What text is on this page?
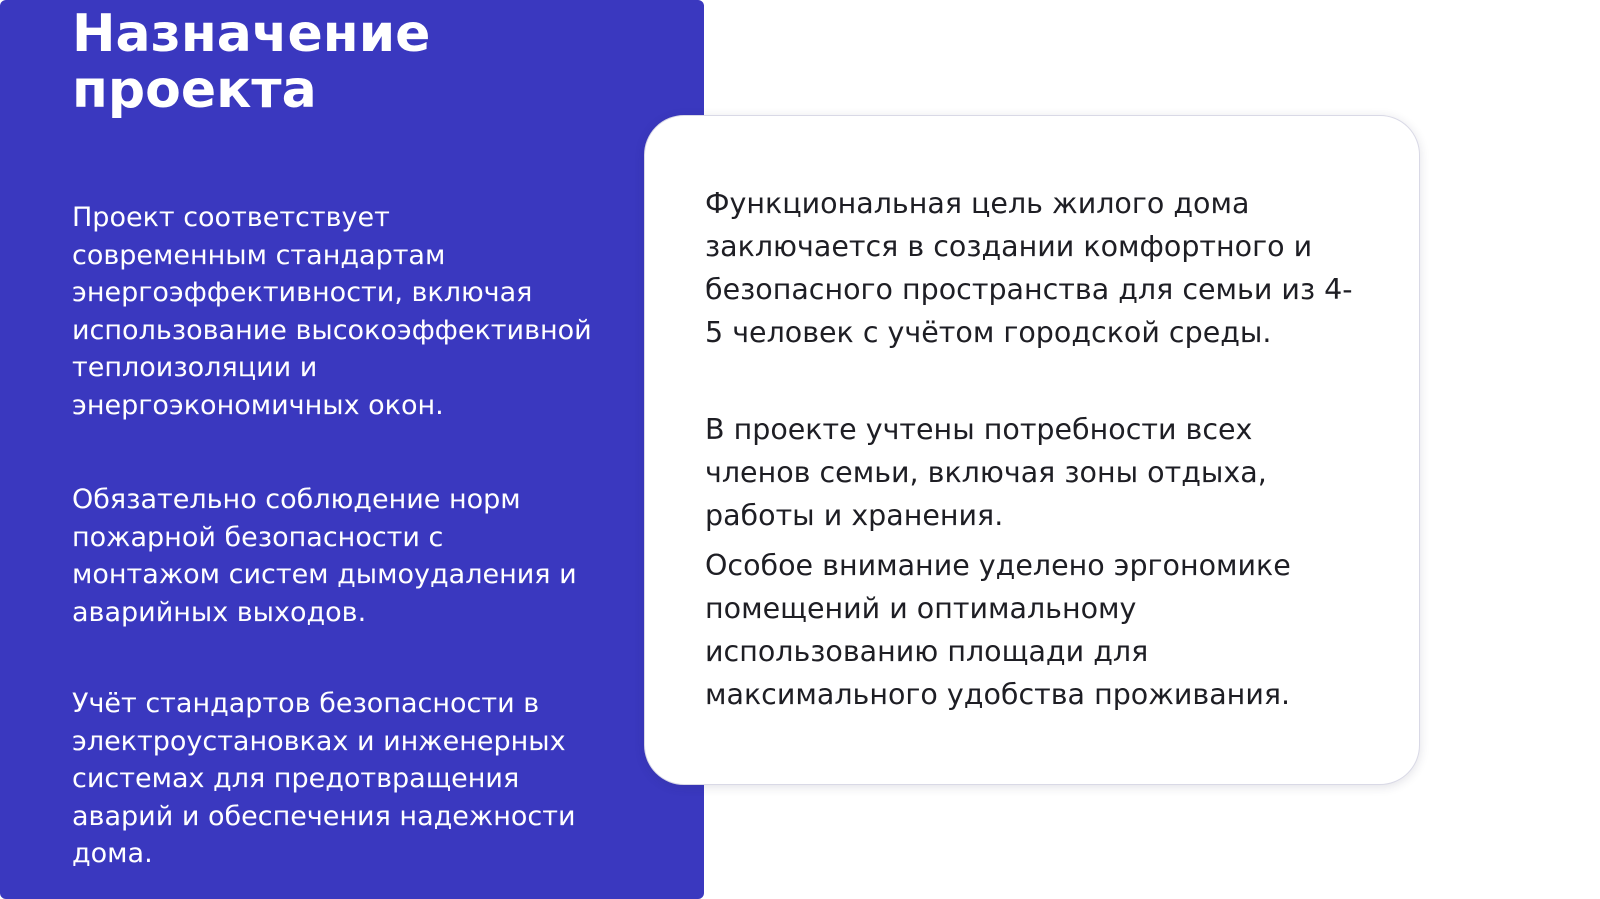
Назначение
проекта

Проект соответствует современным стандартам энергоэффективности, включая использование высокоэффективной теплоизоляции и энергоэкономичных окон.

Обязательно соблюдение норм пожарной безопасности с монтажом систем дымоудаления и аварийных выходов.

Учёт стандартов безопасности в электроустановках и инженерных системах для предотвращения аварий и обеспечения надежности дома.

Функциональная цель жилого дома заключается в создании комфортного и безопасного пространства для семьи из 4-5 человек с учётом городской среды.

В проекте учтены потребности всех членов семьи, включая зоны отдыха, работы и хранения.

Особое внимание уделено эргономике помещений и оптимальному использованию площади для максимального удобства проживания.
